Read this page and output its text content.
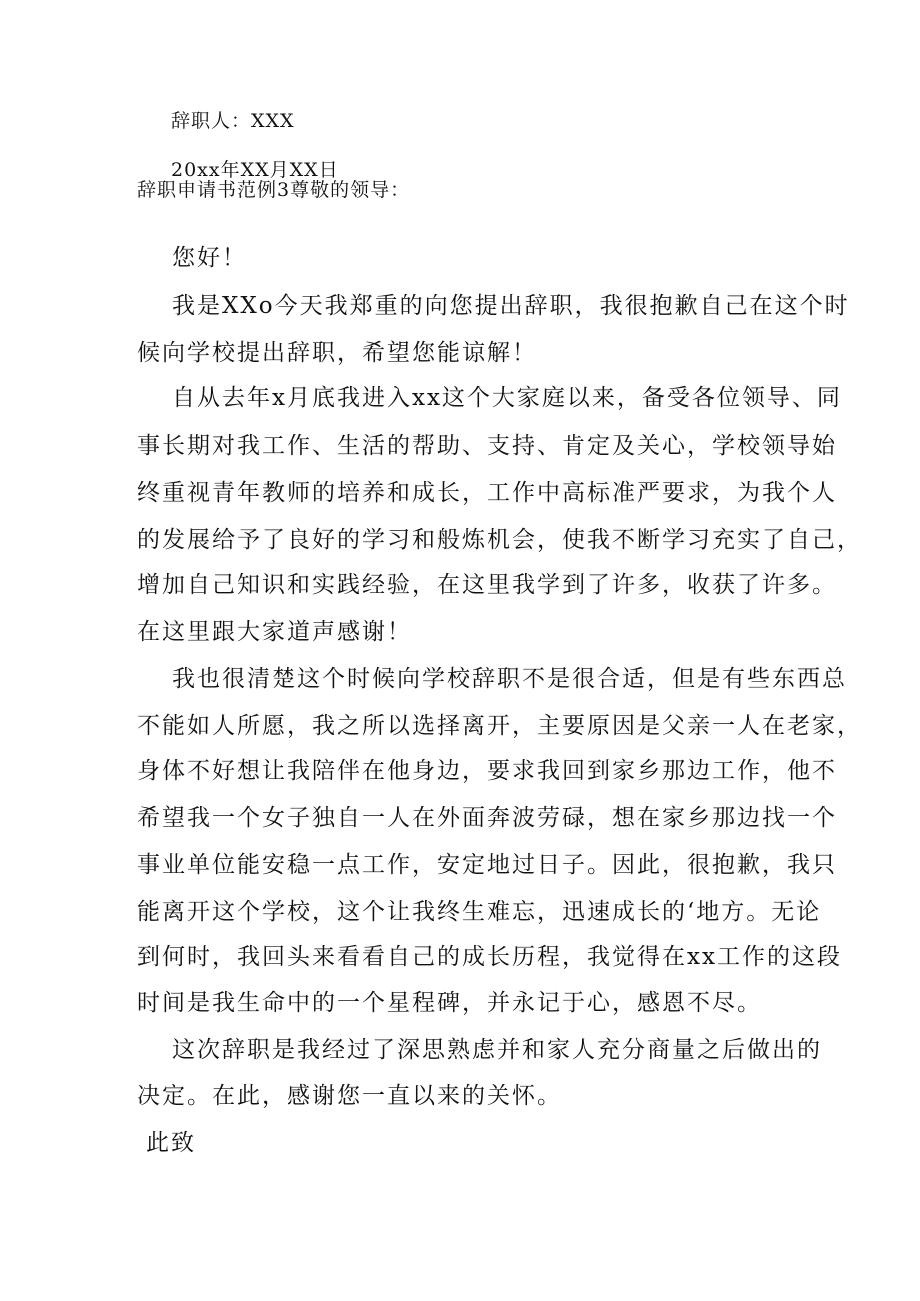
辞职人：XXX
20xx年XX月XX日
辞职申请书范例3尊敬的领导：
您好！
我是XXo今天我郑重的向您提出辞职，我很抱歉自己在这个时
候向学校提出辞职，希望您能谅解！
自从去年x月底我进入xx这个大家庭以来，备受各位领导、同
事长期对我工作、生活的帮助、支持、肯定及关心，学校领导始
终重视青年教师的培养和成长，工作中高标准严要求，为我个人
的发展给予了良好的学习和般炼机会，使我不断学习充实了自己，
增加自己知识和实践经验，在这里我学到了许多，收获了许多。
在这里跟大家道声感谢！
我也很清楚这个时候向学校辞职不是很合适，但是有些东西总
不能如人所愿，我之所以选择离开，主要原因是父亲一人在老家，
身体不好想让我陪伴在他身边，要求我回到家乡那边工作，他不
希望我一个女子独自一人在外面奔波劳碌，想在家乡那边找一个
事业单位能安稳一点工作，安定地过日子。因此，很抱歉，我只
能离开这个学校，这个让我终生难忘，迅速成长的‘地方。无论
到何时，我回头来看看自己的成长历程，我觉得在xx工作的这段
时间是我生命中的一个星程碑，并永记于心，感恩不尽。
这次辞职是我经过了深思熟虑并和家人充分商量之后做出的
决定。在此，感谢您一直以来的关怀。
此致
